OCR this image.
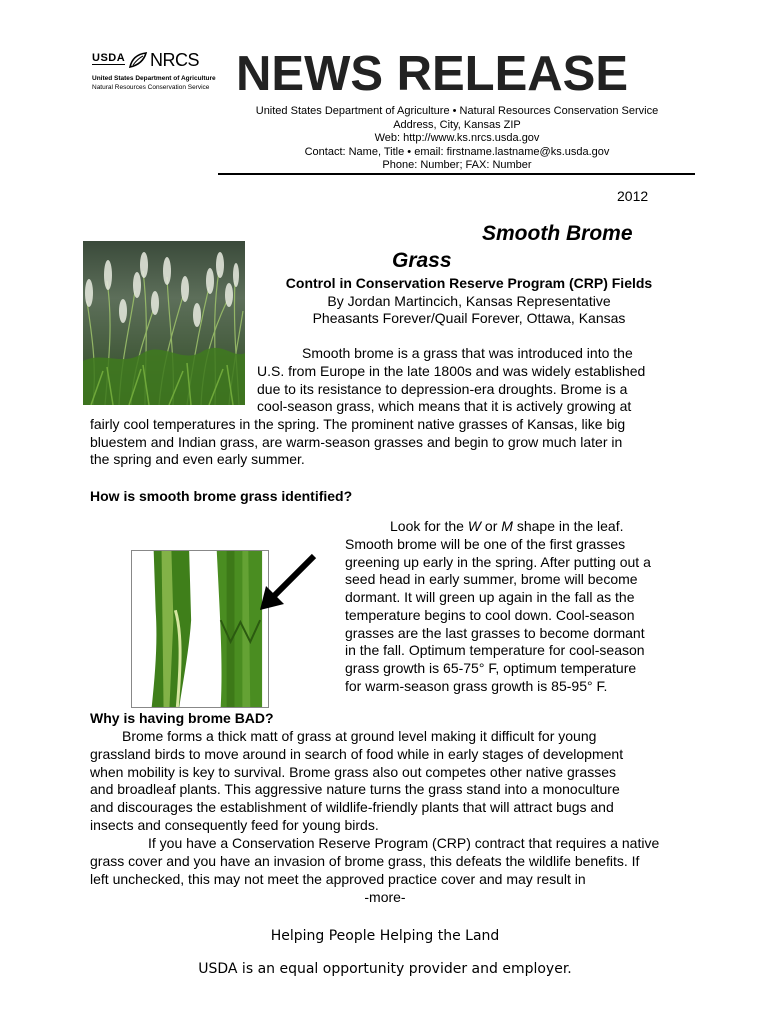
USDA NRCS
United States Department of Agriculture
Natural Resources Conservation Service NEWS RELEASE
United States Department of Agriculture • Natural Resources Conservation Service
Address, City, Kansas ZIP
Web: http://www.ks.nrcs.usda.gov
Contact: Name, Title • email: firstname.lastname@ks.usda.gov
Phone: Number; FAX: Number
2012
Smooth Brome
Grass
Control in Conservation Reserve Program (CRP) Fields
By Jordan Martincich, Kansas Representative
Pheasants Forever/Quail Forever, Ottawa, Kansas
Smooth brome is a grass that was introduced into the
U.S. from Europe in the late 1800s and was widely established
due to its resistance to depression-era droughts. Brome is a
cool-season grass, which means that it is actively growing at
fairly cool temperatures in the spring. The prominent native grasses of Kansas, like big
bluestem and Indian grass, are warm-season grasses and begin to grow much later in
the spring and even early summer.
How is smooth brome grass identified?
Look for the W or M shape in the leaf.
Smooth brome will be one of the first grasses
greening up early in the spring. After putting out a
seed head in early summer, brome will become
dormant. It will green up again in the fall as the
temperature begins to cool down. Cool-season
grasses are the last grasses to become dormant
in the fall. Optimum temperature for cool-season
grass growth is 65-75° F, optimum temperature
for warm-season grass growth is 85-95° F.
Why is having brome BAD?
Brome forms a thick matt of grass at ground level making it difficult for young
grassland birds to move around in search of food while in early stages of development
when mobility is key to survival. Brome grass also out competes other native grasses
and broadleaf plants. This aggressive nature turns the grass stand into a monoculture
and discourages the establishment of wildlife-friendly plants that will attract bugs and
insects and consequently feed for young birds.
If you have a Conservation Reserve Program (CRP) contract that requires a native
grass cover and you have an invasion of brome grass, this defeats the wildlife benefits. If
left unchecked, this may not meet the approved practice cover and may result in
-more-
Helping People Helping the Land
USDA is an equal opportunity provider and employer.
